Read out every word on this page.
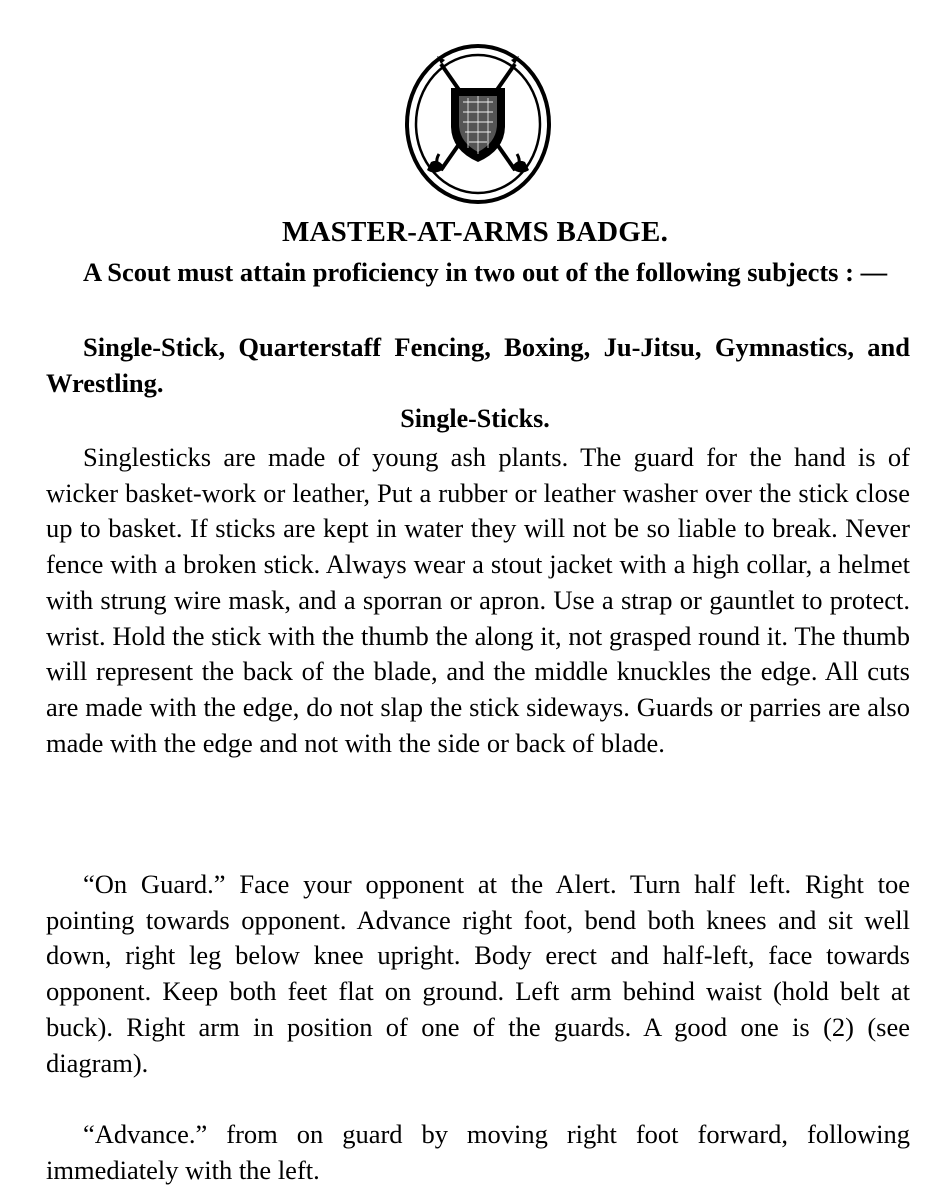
MASTER-AT-ARMS BADGE.
A Scout must attain proficiency in two out of the following subjects : —
Single-Stick, Quarterstaff Fencing, Boxing, Ju-Jitsu, Gymnastics, and Wrestling.
Single-Sticks.
Singlesticks are made of young ash plants. The guard for the hand is of wicker basket-work or leather, Put a rubber or leather washer over the stick close up to basket. If sticks are kept in water they will not be so liable to break. Never fence with a broken stick. Always wear a stout jacket with a high collar, a helmet with strung wire mask, and a sporran or apron. Use a strap or gauntlet to protect. wrist. Hold the stick with the thumb the along it, not grasped round it. The thumb will represent the back of the blade, and the middle knuckles the edge. All cuts are made with the edge, do not slap the stick sideways. Guards or parries are also made with the edge and not with the side or back of blade.
“On Guard.” Face your opponent at the Alert. Turn half left. Right toe pointing towards opponent. Advance right foot, bend both knees and sit well down, right leg below knee upright. Body erect and half-left, face towards opponent. Keep both feet flat on ground. Left arm behind waist (hold belt at buck). Right arm in position of one of the guards. A good one is (2) (see diagram).
“Advance.” from on guard by moving right foot forward, following immediately with the left.
